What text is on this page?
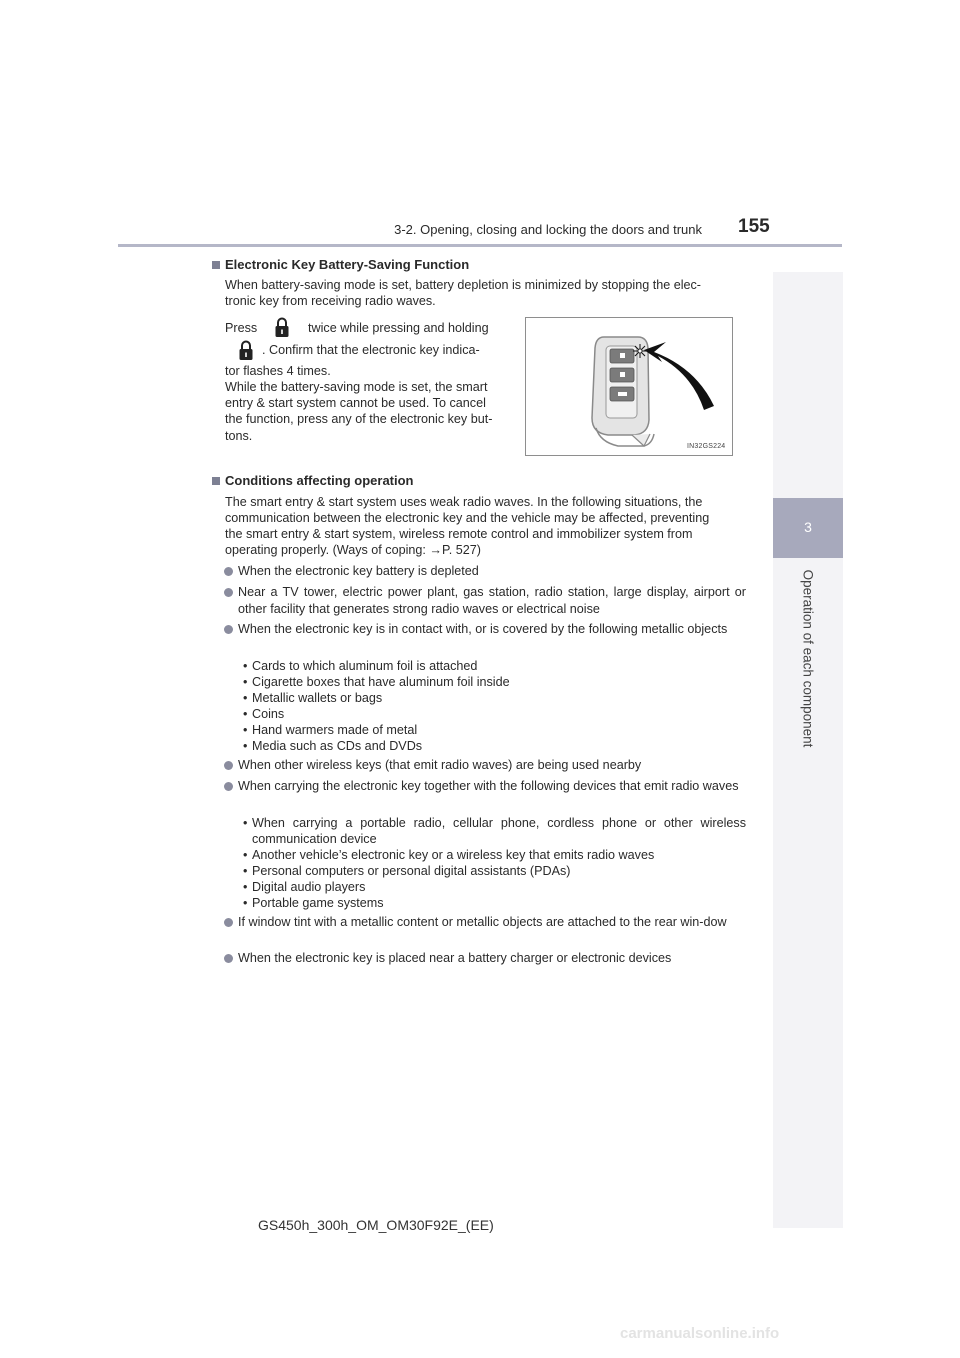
3-2. Opening, closing and locking the doors and trunk 155
3
Operation of each component
Electronic Key Battery-Saving Function
When battery-saving mode is set, battery depletion is minimized by stopping the elec-
tronic key from receiving radio waves.
Press	twice while pressing and holding
. Confirm that the electronic key indica-
tor flashes 4 times.
While the battery-saving mode is set, the smart
entry & start system cannot be used. To cancel
the function, press any of the electronic key but-
tons.
IN32GS224
Conditions affecting operation
The smart entry & start system uses weak radio waves. In the following situations, the
communication between the electronic key and the vehicle may be affected, preventing
the smart entry & start system, wireless remote control and immobilizer system from
operating properly. (Ways of coping: →P. 527)
When the electronic key battery is depleted
Near a TV tower, electric power plant, gas station, radio station, large display, airport or other facility that generates strong radio waves or electrical noise
When the electronic key is in contact with, or is covered by the following metallic objects
• Cards to which aluminum foil is attached
• Cigarette boxes that have aluminum foil inside
• Metallic wallets or bags
• Coins
• Hand warmers made of metal
• Media such as CDs and DVDs
When other wireless keys (that emit radio waves) are being used nearby
When carrying the electronic key together with the following devices that emit radio waves
• When carrying a portable radio, cellular phone, cordless phone or other wireless communication device
• Another vehicle’s electronic key or a wireless key that emits radio waves
• Personal computers or personal digital assistants (PDAs)
• Digital audio players
• Portable game systems
If window tint with a metallic content or metallic objects are attached to the rear win-dow
When the electronic key is placed near a battery charger or electronic devices
GS450h_300h_OM_OM30F92E_(EE)
carmanualsonline.info
